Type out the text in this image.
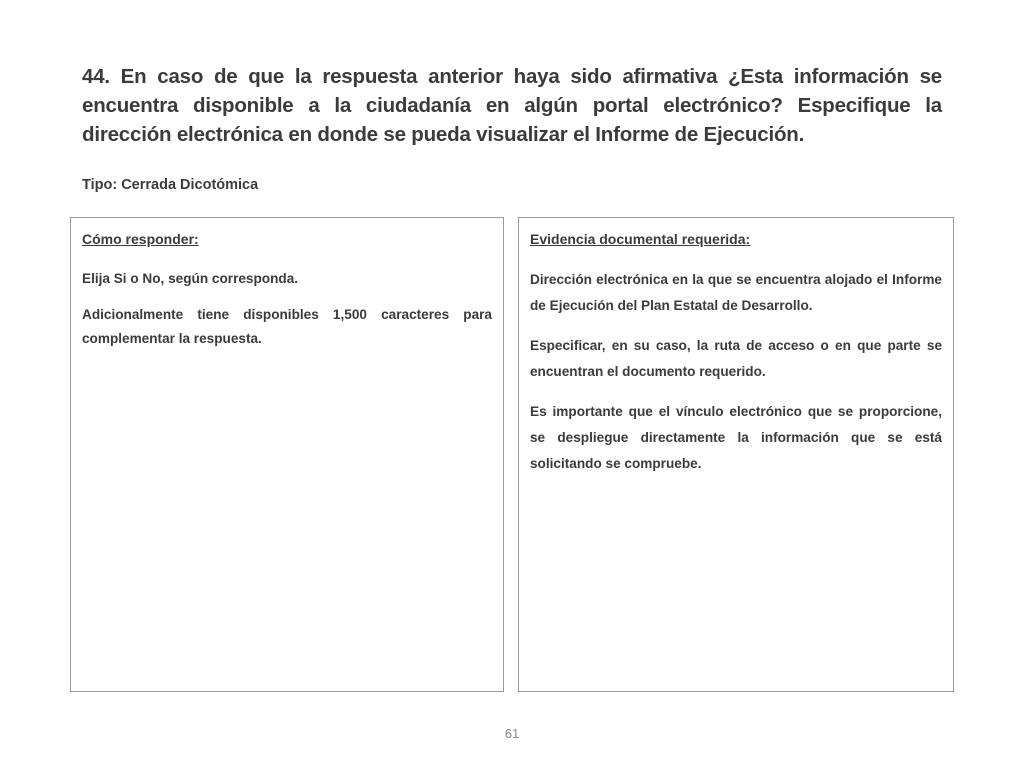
44. En caso de que la respuesta anterior haya sido afirmativa ¿Esta información se encuentra disponible a la ciudadanía en algún portal electrónico? Especifique la dirección electrónica en donde se pueda visualizar el Informe de Ejecución.
Tipo: Cerrada Dicotómica
Cómo responder:

Elija Si o No, según corresponda.

Adicionalmente tiene disponibles 1,500 caracteres para complementar la respuesta.

Evidencia documental requerida:

Dirección electrónica en la que se encuentra alojado el Informe de Ejecución del Plan Estatal de Desarrollo.

Especificar, en su caso, la ruta de acceso o en que parte se encuentran el documento requerido.

Es importante que el vínculo electrónico que se proporcione, se despliegue directamente la información que se está solicitando se compruebe.

61
